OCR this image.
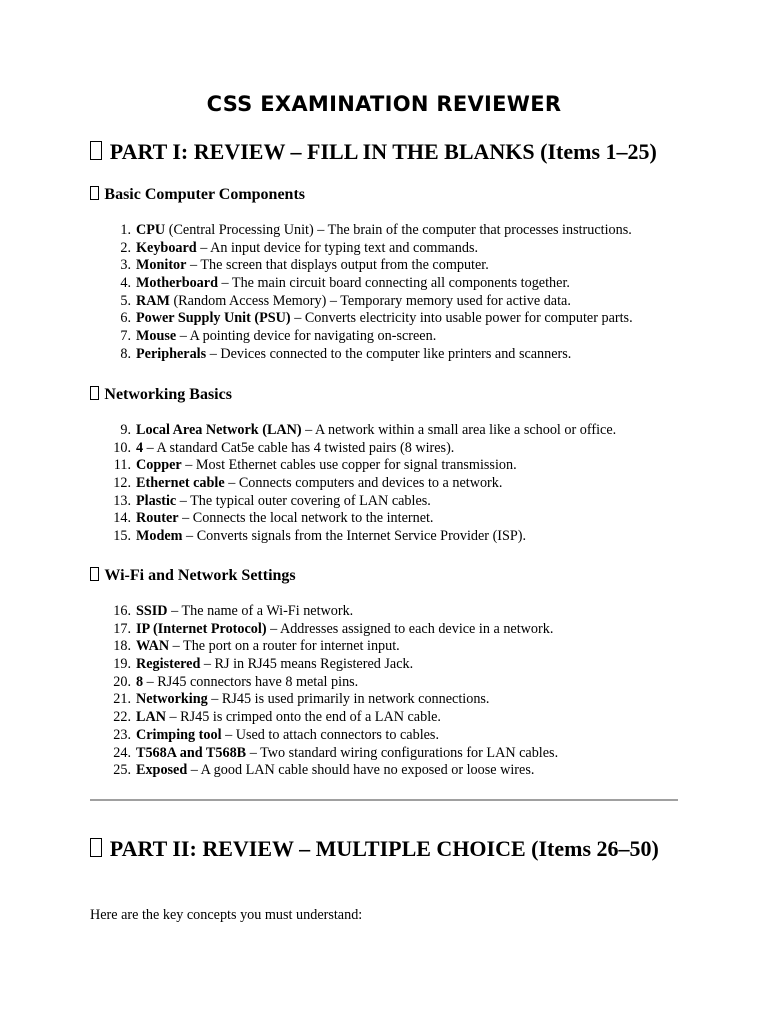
CSS EXAMINATION REVIEWER
PART I: REVIEW – FILL IN THE BLANKS (Items 1–25)
Basic Computer Components
1. CPU (Central Processing Unit) – The brain of the computer that processes instructions.
2. Keyboard – An input device for typing text and commands.
3. Monitor – The screen that displays output from the computer.
4. Motherboard – The main circuit board connecting all components together.
5. RAM (Random Access Memory) – Temporary memory used for active data.
6. Power Supply Unit (PSU) – Converts electricity into usable power for computer parts.
7. Mouse – A pointing device for navigating on-screen.
8. Peripherals – Devices connected to the computer like printers and scanners.
Networking Basics
9. Local Area Network (LAN) – A network within a small area like a school or office.
10. 4 – A standard Cat5e cable has 4 twisted pairs (8 wires).
11. Copper – Most Ethernet cables use copper for signal transmission.
12. Ethernet cable – Connects computers and devices to a network.
13. Plastic – The typical outer covering of LAN cables.
14. Router – Connects the local network to the internet.
15. Modem – Converts signals from the Internet Service Provider (ISP).
Wi-Fi and Network Settings
16. SSID – The name of a Wi-Fi network.
17. IP (Internet Protocol) – Addresses assigned to each device in a network.
18. WAN – The port on a router for internet input.
19. Registered – RJ in RJ45 means Registered Jack.
20. 8 – RJ45 connectors have 8 metal pins.
21. Networking – RJ45 is used primarily in network connections.
22. LAN – RJ45 is crimped onto the end of a LAN cable.
23. Crimping tool – Used to attach connectors to cables.
24. T568A and T568B – Two standard wiring configurations for LAN cables.
25. Exposed – A good LAN cable should have no exposed or loose wires.
PART II: REVIEW – MULTIPLE CHOICE (Items 26–50)
Here are the key concepts you must understand:
